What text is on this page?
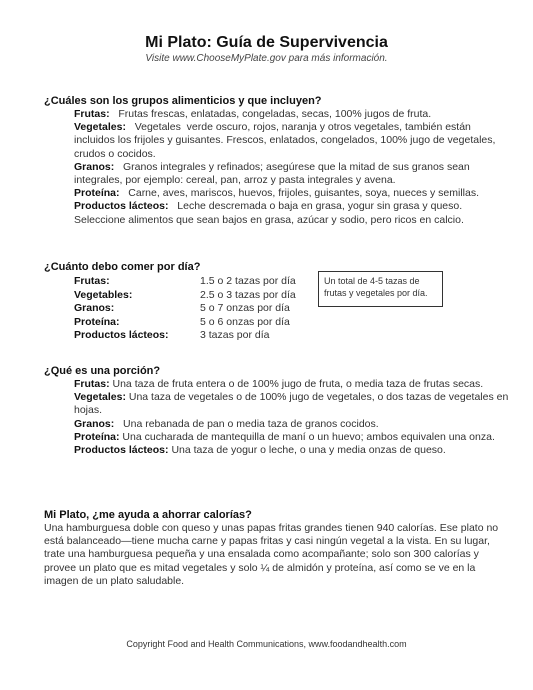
Mi Plato: Guía de Supervivencia
Visite www.ChooseMyPlate.gov para más información.
¿Cuáles son los grupos alimenticios y que incluyen?

Frutas:   Frutas frescas, enlatadas, congeladas, secas, 100% jugos de fruta.

Vegetales:   Vegetales  verde oscuro, rojos, naranja y otros vegetales, también están incluidos los frijoles y guisantes. Frescos, enlatados, congelados, 100% jugo de vegetales, crudos o cocidos.

Granos:   Granos integrales y refinados; asegúrese que la mitad de sus granos sean integrales, por ejemplo: cereal, pan, arroz y pasta integrales y avena.

Proteína:   Carne, aves, mariscos, huevos, frijoles, guisantes, soya, nueces y semillas.

Productos lácteos:   Leche descremada o baja en grasa, yogur sin grasa y queso. Seleccione alimentos que sean bajos en grasa, azúcar y sodio, pero ricos en calcio.

¿Cuánto debo comer por día?
Frutas:	1.5 o 2 tazas por día
Vegetables:	2.5 o 3 tazas por día
Granos:	5 o 7 onzas por día
Proteína:	5 o 6 onzas por día
Productos lácteos:	3 tazas por día
Un total de 4-5 tazas de
frutas y vegetales por día.
¿Qué es una porción?

Frutas: Una taza de fruta entera o de 100% jugo de fruta, o media taza de frutas secas.

Vegetales: Una taza de vegetales o de 100% jugo de vegetales, o dos tazas de vegetales en hojas.

Granos:   Una rebanada de pan o media taza de granos cocidos.

Proteína: Una cucharada de mantequilla de maní o un huevo; ambos equivalen una onza.

Productos lácteos: Una taza de yogur o leche, o una y media onzas de queso.

Mi Plato, ¿me ayuda a ahorrar calorías?

Una hamburguesa doble con queso y unas papas fritas grandes tienen 940 calorías. Ese plato no está balanceado—tiene mucha carne y papas fritas y casi ningún vegetal a la vista. En su lugar, trate una hamburguesa pequeña y una ensalada como acompañante; solo son 300 calorías y provee un plato que es mitad vegetales y solo ¼ de almidón y proteína, así como se ve en la imagen de un plato saludable.

Copyright Food and Health Communications, www.foodandhealth.com
